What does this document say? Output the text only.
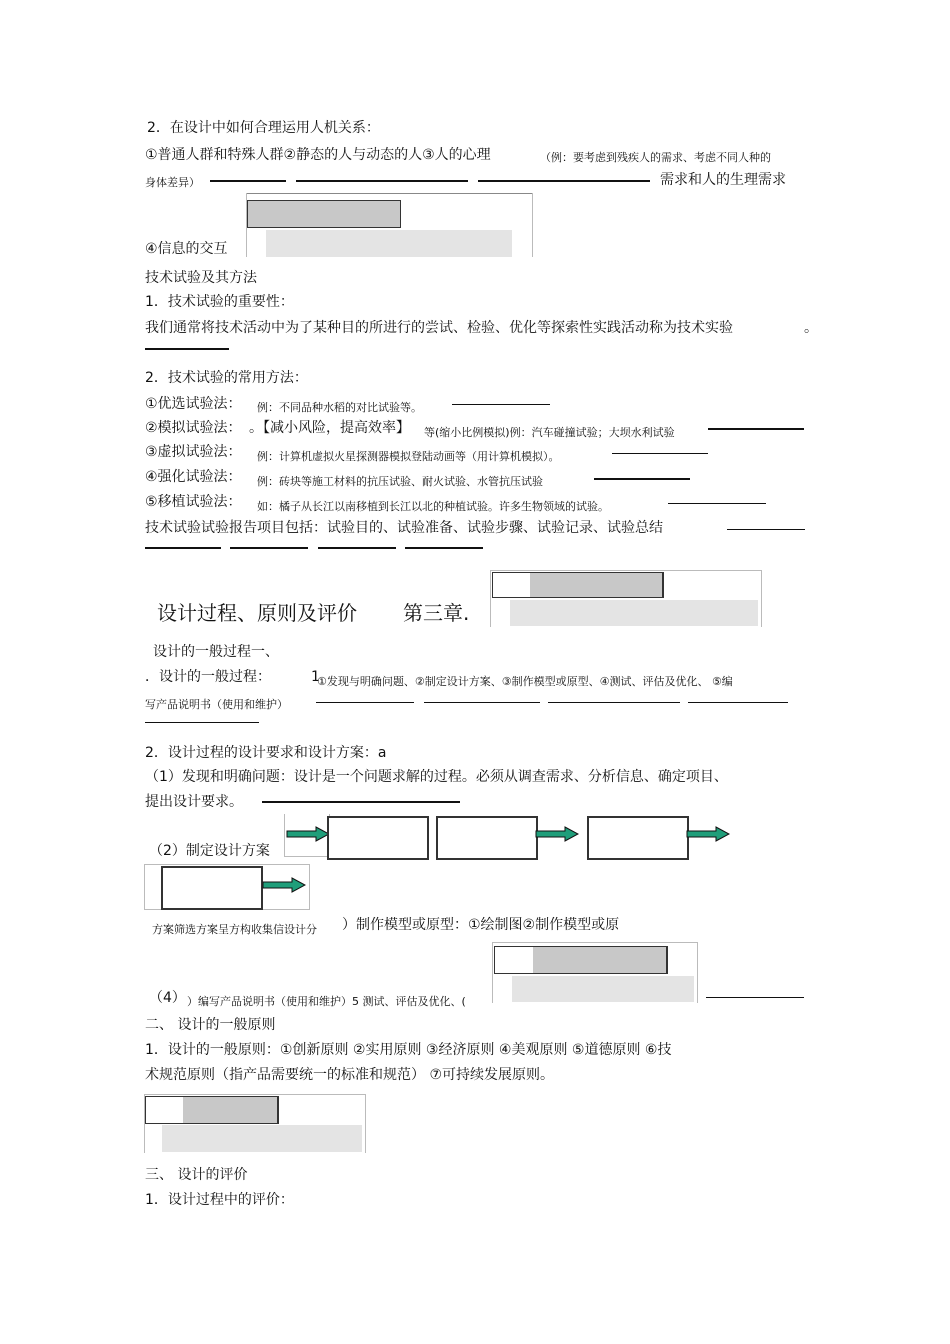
2．在设计中如何合理运用人机关系：
①普通人群和特殊人群②静态的人与动态的人③人的心理	（例：要考虑到残疾人的需求、考虑不同人种的
身体差异）	需求和人的生理需求
④信息的交互
技术试验及其方法
1．技术试验的重要性：
我们通常将技术活动中为了某种目的所进行的尝试、检验、优化等探索性实践活动称为技术实验	。
2．技术试验的常用方法：
①优选试验法： 例：不同品种水稻的对比试验等。
②模拟试验法： 。【减小风险，提高效率】 等(缩小比例模拟)例：汽车碰撞试验；大坝水利试验
③虚拟试验法： 例：计算机虚拟火星探测器模拟登陆动画等（用计算机模拟）。
④强化试验法： 例：砖块等施工材料的抗压试验、耐火试验、水管抗压试验
⑤移植试验法： 如：橘子从长江以南移植到长江以北的种植试验。许多生物领域的试验。
技术试验试验报告项目包括：试验目的、试验准备、试验步骤、试验记录、试验总结
设计过程、原则及评价 第三章.
设计的一般过程一、
．设计的一般过程：	1
①发现与明确问题、②制定设计方案、③制作模型或原型、④测试、评估及优化、 ⑤编
写产品说明书（使用和维护）
2．设计过程的设计要求和设计方案：a
（1）发现和明确问题：设计是一个问题求解的过程。必须从调查需求、分析信息、确定项目、
提出设计要求。
（2）制定设计方案
方案筛选方案呈方构收集信设计分 ）制作模型或原型：①绘制图②制作模型或原
（4） ）编写产品说明书（使用和维护）5 测试、评估及优化、(
二、 设计的一般原则
1．设计的一般原则：①创新原则 ②实用原则 ③经济原则 ④美观原则 ⑤道德原则 ⑥技
术规范原则（指产品需要统一的标准和规范） ⑦可持续发展原则。
三、 设计的评价
1．设计过程中的评价：
